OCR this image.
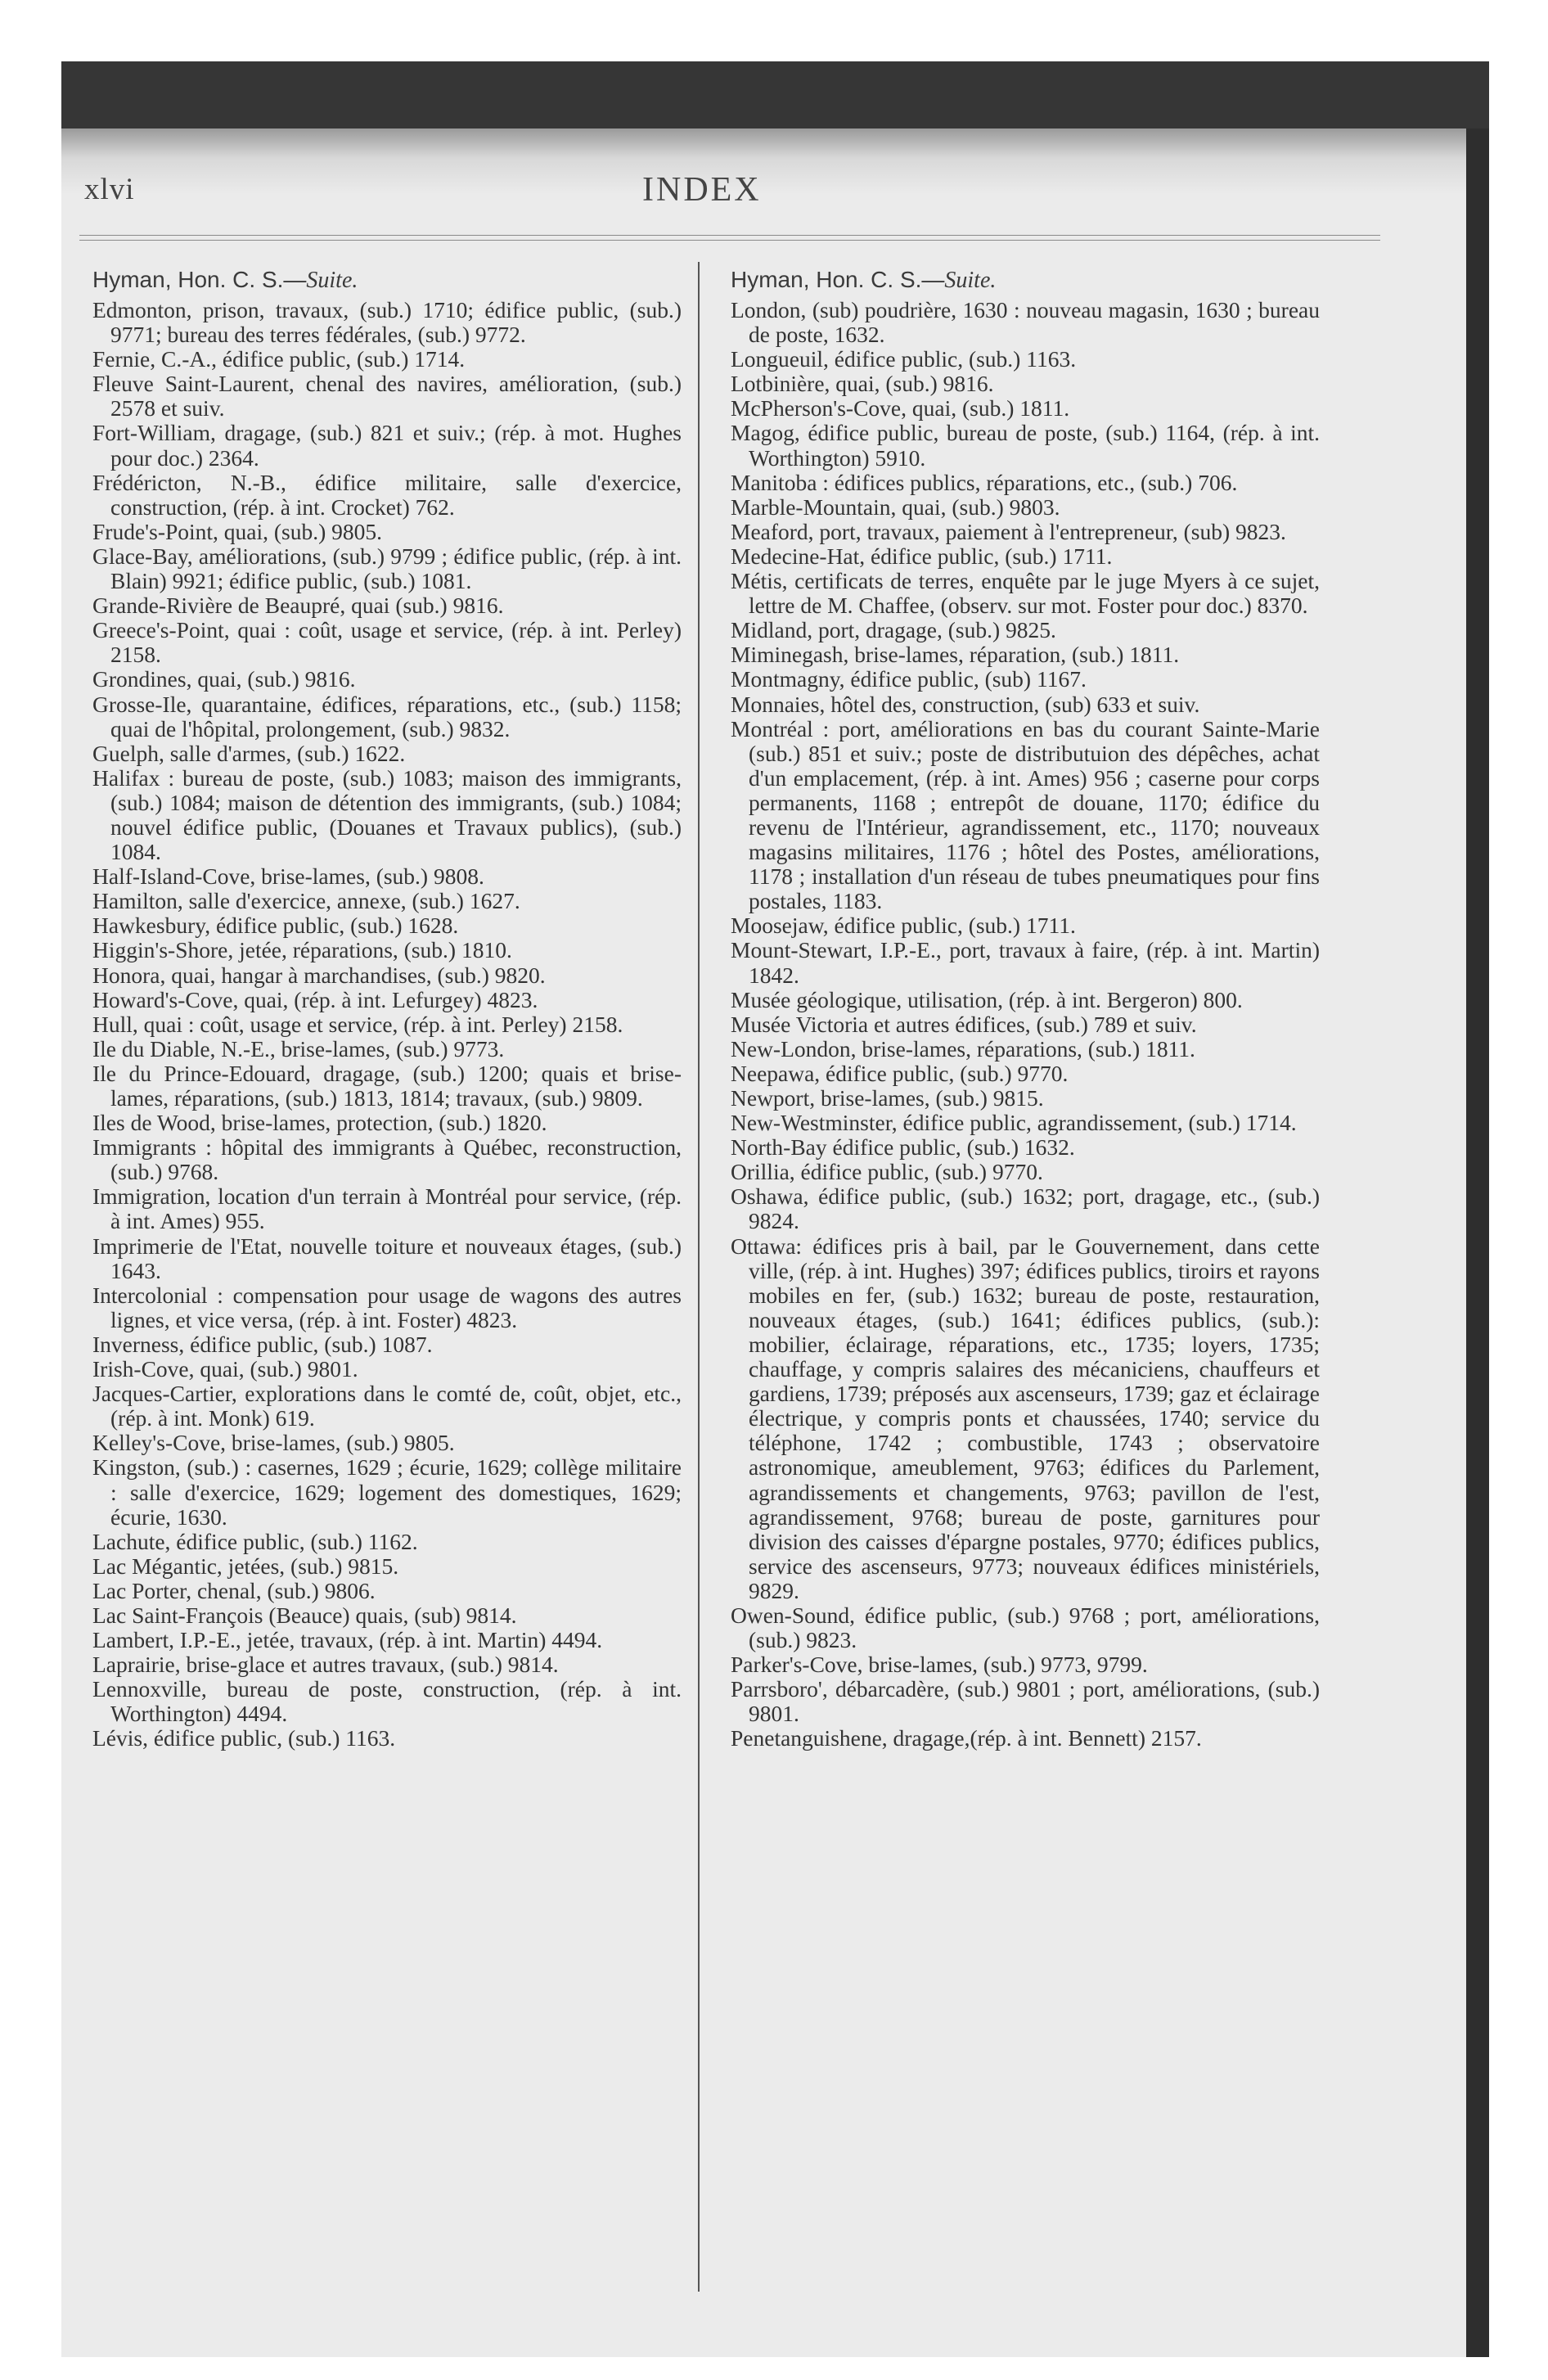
xlvi	INDEX
Hyman, Hon. C. S.—Suite.

Edmonton, prison, travaux, (sub.) 1710; édifice public, (sub.) 9771; bureau des terres fédérales, (sub.) 9772.

Fernie, C.-A., édifice public, (sub.) 1714.

Fleuve Saint-Laurent, chenal des navires, amélioration, (sub.) 2578 et suiv.

Fort-William, dragage, (sub.) 821 et suiv.; (rép. à mot. Hughes pour doc.) 2364.

Frédéricton, N.-B., édifice militaire, salle d'exercice, construction, (rép. à int. Crocket) 762.

Frude's-Point, quai, (sub.) 9805.

Glace-Bay, améliorations, (sub.) 9799 ; édifice public, (rép. à int. Blain) 9921; édifice public, (sub.) 1081.

Grande-Rivière de Beaupré, quai (sub.) 9816.

Greece's-Point, quai : coût, usage et service, (rép. à int. Perley) 2158.

Grondines, quai, (sub.) 9816.

Grosse-Ile, quarantaine, édifices, réparations, etc., (sub.) 1158; quai de l'hôpital, prolongement, (sub.) 9832.

Guelph, salle d'armes, (sub.) 1622.

Halifax : bureau de poste, (sub.) 1083; maison des immigrants, (sub.) 1084; maison de détention des immigrants, (sub.) 1084; nouvel édifice public, (Douanes et Travaux publics), (sub.) 1084.

Half-Island-Cove, brise-lames, (sub.) 9808.

Hamilton, salle d'exercice, annexe, (sub.) 1627.

Hawkesbury, édifice public, (sub.) 1628.

Higgin's-Shore, jetée, réparations, (sub.) 1810.

Honora, quai, hangar à marchandises, (sub.) 9820.

Howard's-Cove, quai, (rép. à int. Lefurgey) 4823.

Hull, quai : coût, usage et service, (rép. à int. Perley) 2158.

Ile du Diable, N.-E., brise-lames, (sub.) 9773.

Ile du Prince-Edouard, dragage, (sub.) 1200; quais et brise-lames, réparations, (sub.) 1813, 1814; travaux, (sub.) 9809.

Iles de Wood, brise-lames, protection, (sub.) 1820.

Immigrants : hôpital des immigrants à Québec, reconstruction, (sub.) 9768.

Immigration, location d'un terrain à Montréal pour service, (rép. à int. Ames) 955.

Imprimerie de l'Etat, nouvelle toiture et nouveaux étages, (sub.) 1643.

Intercolonial : compensation pour usage de wagons des autres lignes, et vice versa, (rép. à int. Foster) 4823.

Inverness, édifice public, (sub.) 1087.

Irish-Cove, quai, (sub.) 9801.

Jacques-Cartier, explorations dans le comté de, coût, objet, etc., (rép. à int. Monk) 619.

Kelley's-Cove, brise-lames, (sub.) 9805.

Kingston, (sub.) : casernes, 1629 ; écurie, 1629; collège militaire : salle d'exercice, 1629; logement des domestiques, 1629; écurie, 1630.

Lachute, édifice public, (sub.) 1162.

Lac Mégantic, jetées, (sub.) 9815.

Lac Porter, chenal, (sub.) 9806.

Lac Saint-François (Beauce) quais, (sub) 9814.

Lambert, I.P.-E., jetée, travaux, (rép. à int. Martin) 4494.

Laprairie, brise-glace et autres travaux, (sub.) 9814.

Lennoxville, bureau de poste, construction, (rép. à int. Worthington) 4494.

Lévis, édifice public, (sub.) 1163.

Hyman, Hon. C. S.—Suite.

London, (sub) poudrière, 1630 : nouveau magasin, 1630 ; bureau de poste, 1632.

Longueuil, édifice public, (sub.) 1163.

Lotbinière, quai, (sub.) 9816.

McPherson's-Cove, quai, (sub.) 1811.

Magog, édifice public, bureau de poste, (sub.) 1164, (rép. à int. Worthington) 5910.

Manitoba : édifices publics, réparations, etc., (sub.) 706.

Marble-Mountain, quai, (sub.) 9803.

Meaford, port, travaux, paiement à l'entrepreneur, (sub) 9823.

Medecine-Hat, édifice public, (sub.) 1711.

Métis, certificats de terres, enquête par le juge Myers à ce sujet, lettre de M. Chaffee, (observ. sur mot. Foster pour doc.) 8370.

Midland, port, dragage, (sub.) 9825.

Miminegash, brise-lames, réparation, (sub.) 1811.

Montmagny, édifice public, (sub) 1167.

Monnaies, hôtel des, construction, (sub) 633 et suiv.

Montréal : port, améliorations en bas du courant Sainte-Marie (sub.) 851 et suiv.; poste de distributuion des dépêches, achat d'un emplacement, (rép. à int. Ames) 956 ; caserne pour corps permanents, 1168 ; entrepôt de douane, 1170; édifice du revenu de l'Intérieur, agrandissement, etc., 1170; nouveaux magasins militaires, 1176 ; hôtel des Postes, améliorations, 1178 ; installation d'un réseau de tubes pneumatiques pour fins postales, 1183.

Moosejaw, édifice public, (sub.) 1711.

Mount-Stewart, I.P.-E., port, travaux à faire, (rép. à int. Martin) 1842.

Musée géologique, utilisation, (rép. à int. Bergeron) 800.

Musée Victoria et autres édifices, (sub.) 789 et suiv.

New-London, brise-lames, réparations, (sub.) 1811.

Neepawa, édifice public, (sub.) 9770.

Newport, brise-lames, (sub.) 9815.

New-Westminster, édifice public, agrandissement, (sub.) 1714.

North-Bay édifice public, (sub.) 1632.

Orillia, édifice public, (sub.) 9770.

Oshawa, édifice public, (sub.) 1632; port, dragage, etc., (sub.) 9824.

Ottawa: édifices pris à bail, par le Gouvernement, dans cette ville, (rép. à int. Hughes) 397; édifices publics, tiroirs et rayons mobiles en fer, (sub.) 1632; bureau de poste, restauration, nouveaux étages, (sub.) 1641; édifices publics, (sub.): mobilier, éclairage, réparations, etc., 1735; loyers, 1735; chauffage, y compris salaires des mécaniciens, chauffeurs et gardiens, 1739; préposés aux ascenseurs, 1739; gaz et éclairage électrique, y compris ponts et chaussées, 1740; service du téléphone, 1742 ; combustible, 1743 ; observatoire astronomique, ameublement, 9763; édifices du Parlement, agrandissements et changements, 9763; pavillon de l'est, agrandissement, 9768; bureau de poste, garnitures pour division des caisses d'épargne postales, 9770; édifices publics, service des ascenseurs, 9773; nouveaux édifices ministériels, 9829.

Owen-Sound, édifice public, (sub.) 9768 ; port, améliorations, (sub.) 9823.

Parker's-Cove, brise-lames, (sub.) 9773, 9799.

Parrsboro', débarcadère, (sub.) 9801 ; port, améliorations, (sub.) 9801.

Penetanguishene, dragage,(rép. à int. Bennett) 2157.
